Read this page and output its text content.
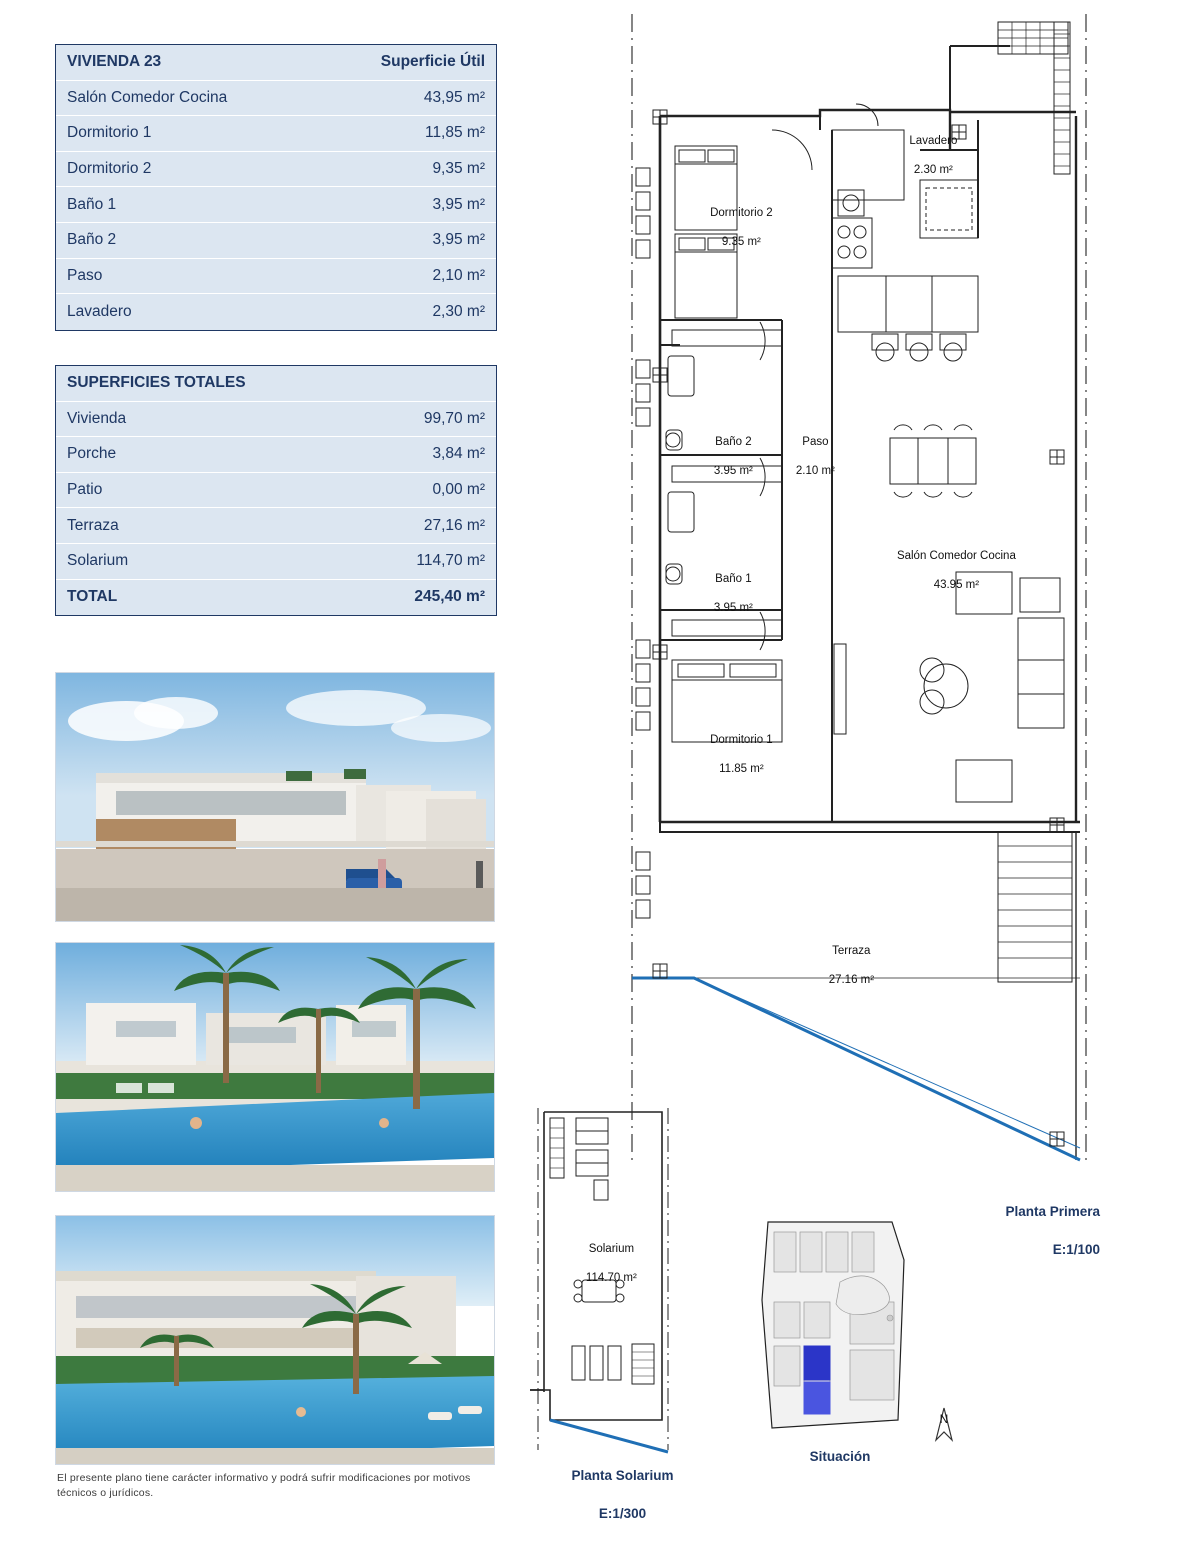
VIVIENDA 23	Superficie Útil
Salón Comedor Cocina	43,95 m²
Dormitorio 1	11,85 m²
Dormitorio 2	9,35 m²
Baño 1	3,95 m²
Baño 2	3,95 m²
Paso	2,10 m²
Lavadero	2,30 m²
SUPERFICIES TOTALES
Vivienda	99,70 m²
Porche	3,84 m²
Patio	0,00 m²
Terraza	27,16 m²
Solarium	114,70 m²
TOTAL	245,40 m²
El presente plano tiene carácter informativo y podrá sufrir modificaciones por motivos técnicos o jurídicos.

Lavadero

2.30 m²

Dormitorio 2

9.35 m²

Baño 2

3.95 m²

Paso

2.10 m²

Baño 1

3.95 m²

Salón Comedor Cocina

43.95 m²

Dormitorio 1

11.85 m²

Terraza

27.16 m²

Planta Primera

E:1/100

Solarium

114.70 m²

Planta Solarium

E:1/300

Situación
N
